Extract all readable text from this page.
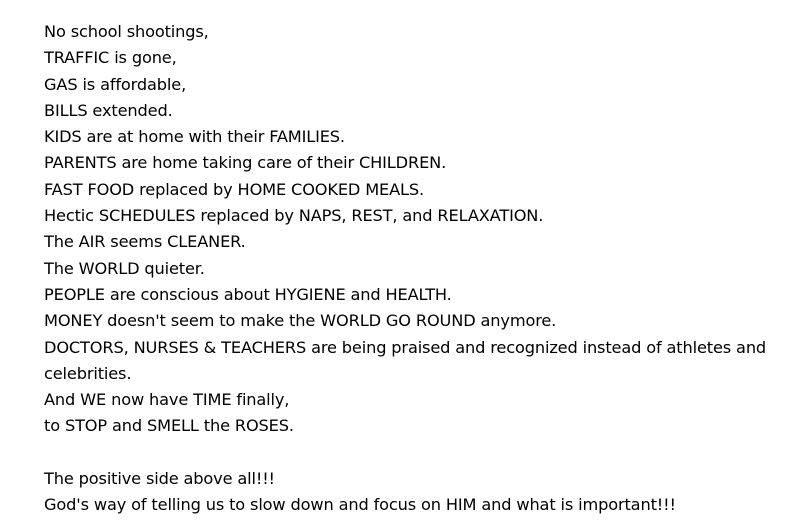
No school shootings,
TRAFFIC is gone,
GAS is affordable,
BILLS extended.
KIDS are at home with their FAMILIES.
PARENTS are home taking care of their CHILDREN.
FAST FOOD replaced by HOME COOKED MEALS.
Hectic SCHEDULES replaced by NAPS, REST, and RELAXATION.
The AIR seems CLEANER.
The WORLD quieter.
PEOPLE are conscious about HYGIENE and HEALTH.
MONEY doesn't seem to make the WORLD GO ROUND anymore.
DOCTORS, NURSES & TEACHERS are being praised and recognized instead of athletes and celebrities.
And WE now have TIME finally,
to STOP and SMELL the ROSES.
The positive side above all!!!
God's way of telling us to slow down and focus on HIM and what is important!!!
